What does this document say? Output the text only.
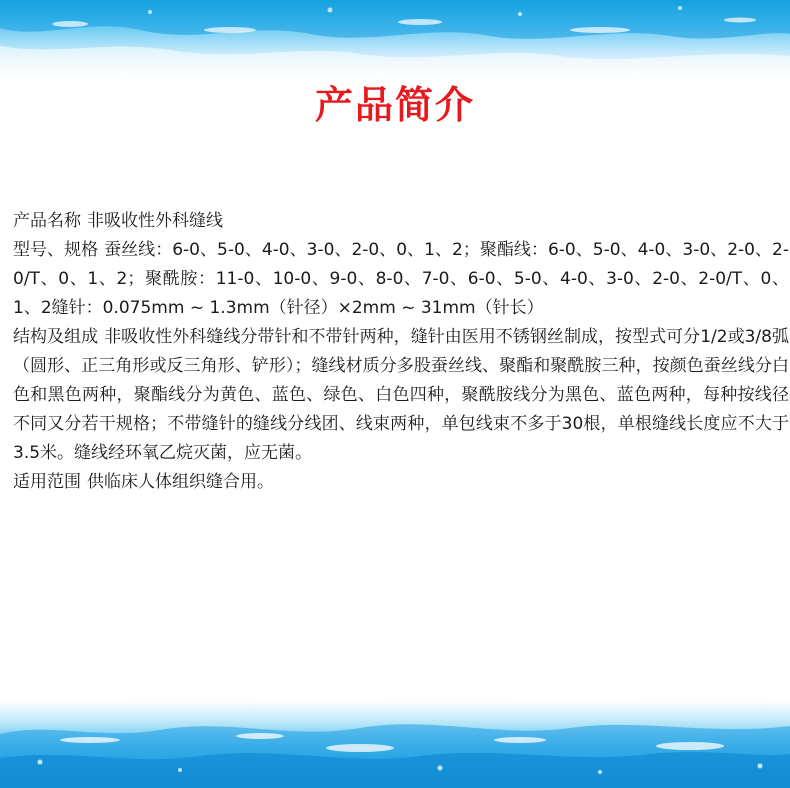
产品简介

产品名称 非吸收性外科缝线

型号、规格 蚕丝线：6-0、5-0、4-0、3-0、2-0、0、1、2；聚酯线：6-0、5-0、4-0、3-0、2-0、2-0/T、0、1、2；聚酰胺：11-0、10-0、9-0、8-0、7-0、6-0、5-0、4-0、3-0、2-0、2-0/T、0、1、2缝针：0.075mm ~ 1.3mm（针径）×2mm ~ 31mm（针长）

结构及组成 非吸收性外科缝线分带针和不带针两种，缝针由医用不锈钢丝制成，按型式可分1/2或3/8弧（圆形、正三角形或反三角形、铲形）；缝线材质分多股蚕丝线、聚酯和聚酰胺三种，按颜色蚕丝线分白色和黑色两种，聚酯线分为黄色、蓝色、绿色、白色四种，聚酰胺线分为黑色、蓝色两种，每种按线径不同又分若干规格；不带缝针的缝线分线团、线束两种，单包线束不多于30根，单根缝线长度应不大于3.5米。缝线经环氧乙烷灭菌，应无菌。

适用范围 供临床人体组织缝合用。
